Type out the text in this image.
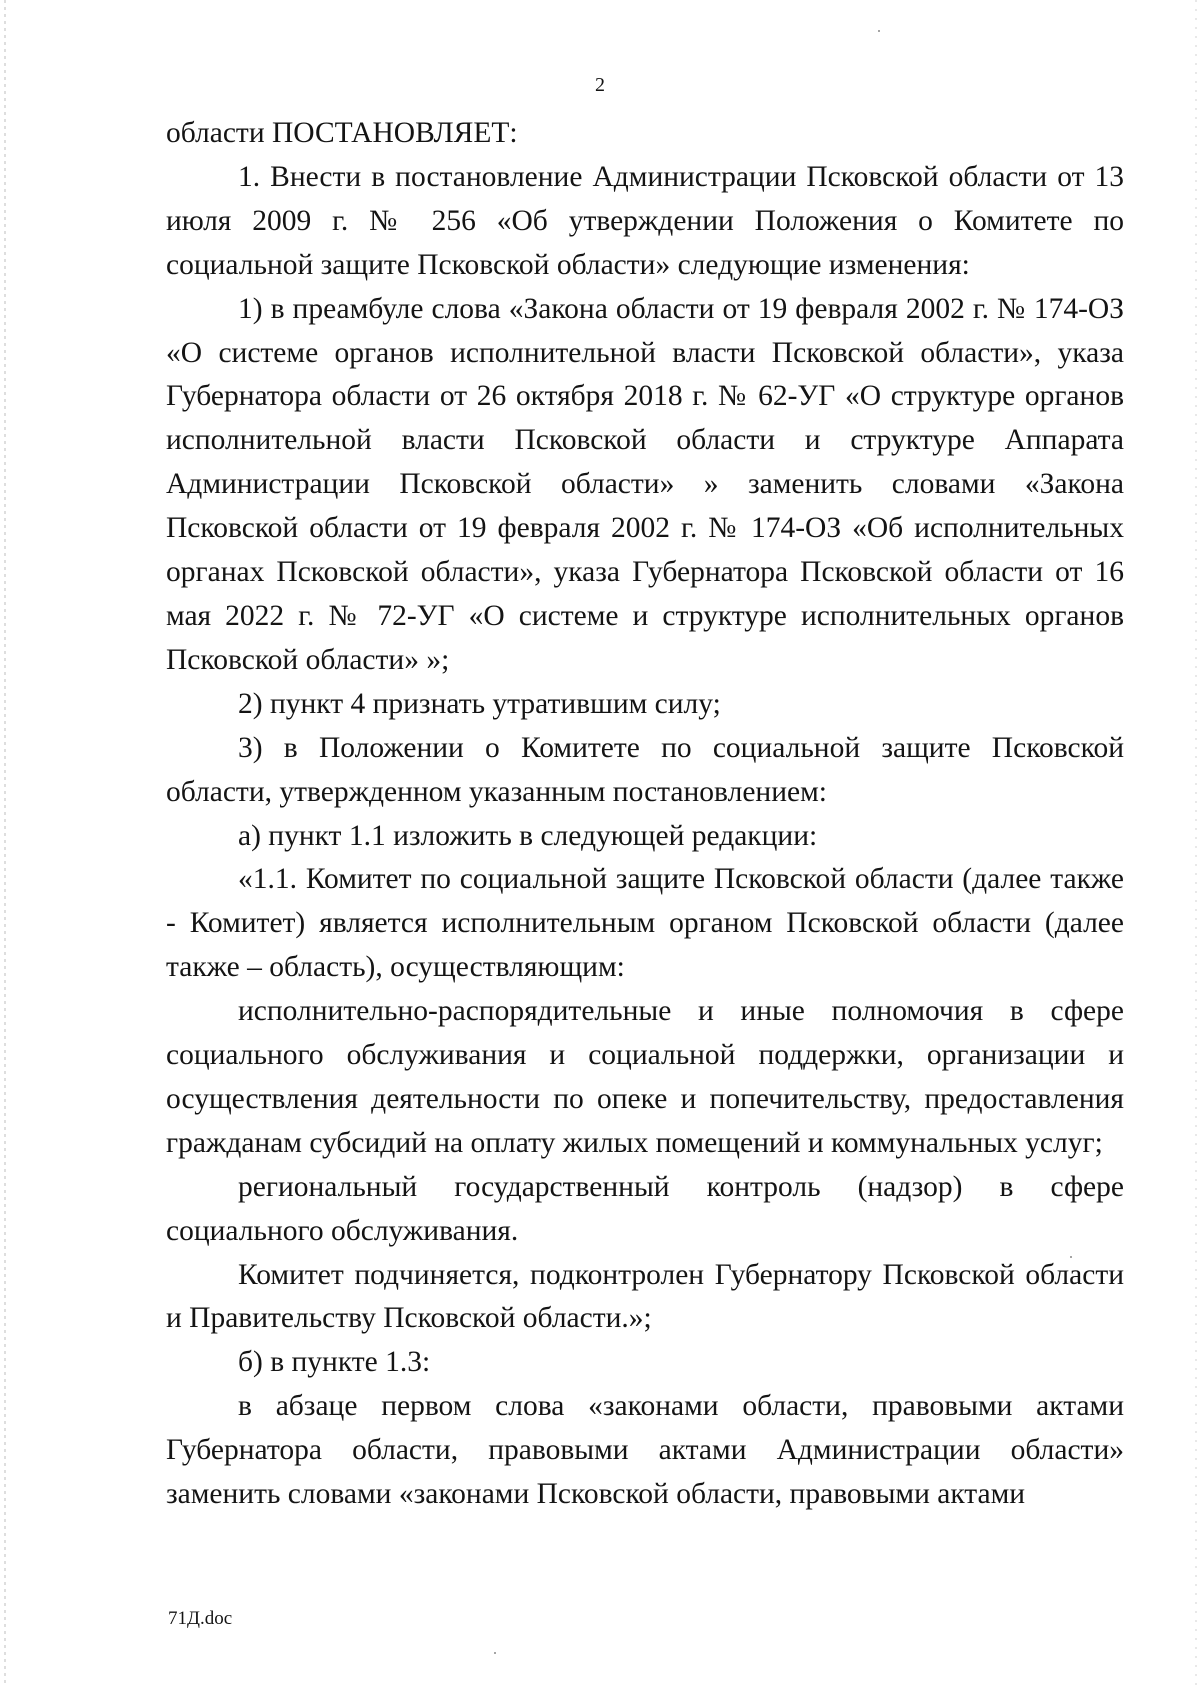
2

области ПОСТАНОВЛЯЕТ:

1. Внести в постановление Администрации Псковской области от 13 июля 2009 г. № 256 «Об утверждении Положения о Комитете по социальной защите Псковской области» следующие изменения:

1) в преамбуле слова «Закона области от 19 февраля 2002 г. № 174-ОЗ «О системе органов исполнительной власти Псковской области», указа Губернатора области от 26 октября 2018 г. № 62-УГ «О структуре органов исполнительной власти Псковской области и структуре Аппарата Администрации Псковской области» » заменить словами «Закона Псковской области от 19 февраля 2002 г. № 174-ОЗ «Об исполнительных органах Псковской области», указа Губернатора Псковской области от 16 мая 2022 г. № 72-УГ «О системе и структуре исполнительных органов Псковской области» »;

2) пункт 4 признать утратившим силу;

3) в Положении о Комитете по социальной защите Псковской области, утвержденном указанным постановлением:

а) пункт 1.1 изложить в следующей редакции:

«1.1. Комитет по социальной защите Псковской области (далее также - Комитет) является исполнительным органом Псковской области (далее также – область), осуществляющим:

исполнительно-распорядительные и иные полномочия в сфере социального обслуживания и социальной поддержки, организации и осуществления деятельности по опеке и попечительству, предоставления гражданам субсидий на оплату жилых помещений и коммунальных услуг;

региональный государственный контроль (надзор) в сфере социального обслуживания.

Комитет подчиняется, подконтролен Губернатору Псковской области и Правительству Псковской области.»;

б) в пункте 1.3:

в абзаце первом слова «законами области, правовыми актами Губернатора области, правовыми актами Администрации области» заменить словами «законами Псковской области, правовыми актами

71Д.doc
